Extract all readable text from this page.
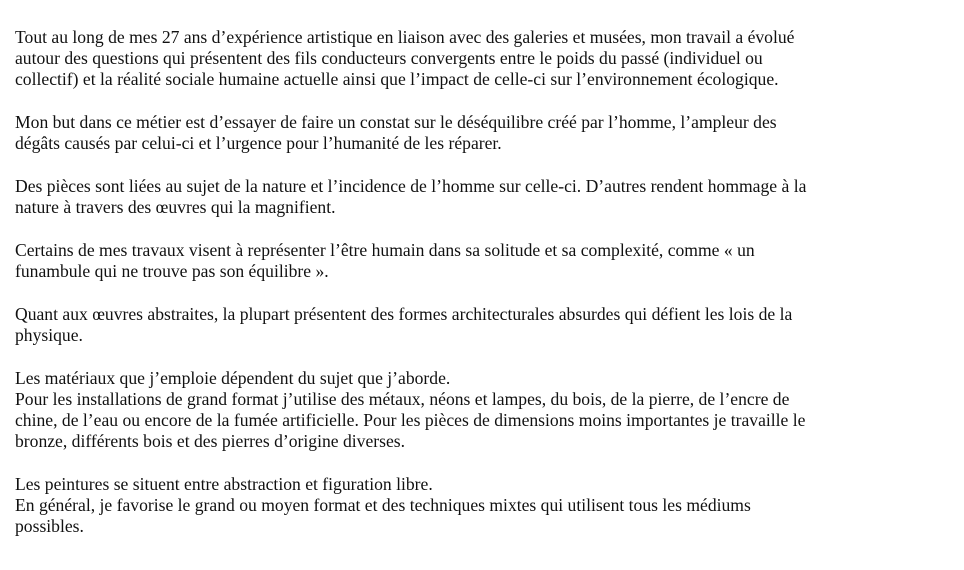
Tout au long de mes 27 ans d’expérience artistique en liaison avec des galeries et musées, mon travail a évolué
autour des questions qui présentent des fils conducteurs convergents entre le poids du passé (individuel ou
collectif) et la réalité sociale humaine actuelle ainsi que l’impact de celle-ci sur l’environnement écologique.

Mon but dans ce métier est d’essayer de faire un constat sur le déséquilibre créé par l’homme, l’ampleur des
dégâts causés par celui-ci et l’urgence pour l’humanité de les réparer.

Des pièces sont liées au sujet de la nature et l’incidence de l’homme sur celle-ci. D’autres rendent hommage à la
nature à travers des œuvres qui la magnifient.

Certains de mes travaux visent à représenter l’être humain dans sa solitude et sa complexité, comme « un
funambule qui ne trouve pas son équilibre ».

Quant aux œuvres abstraites, la plupart présentent des formes architecturales absurdes qui défient les lois de la
physique.

Les matériaux que j’emploie dépendent du sujet que j’aborde.
Pour les installations de grand format j’utilise des métaux, néons et lampes, du bois, de la pierre, de l’encre de
chine, de l’eau ou encore de la fumée artificielle. Pour les pièces de dimensions moins importantes je travaille le
bronze, différents bois et des pierres d’origine diverses.

Les peintures se situent entre abstraction et figuration libre.
En général, je favorise le grand ou moyen format et des techniques mixtes qui utilisent tous les médiums
possibles.
